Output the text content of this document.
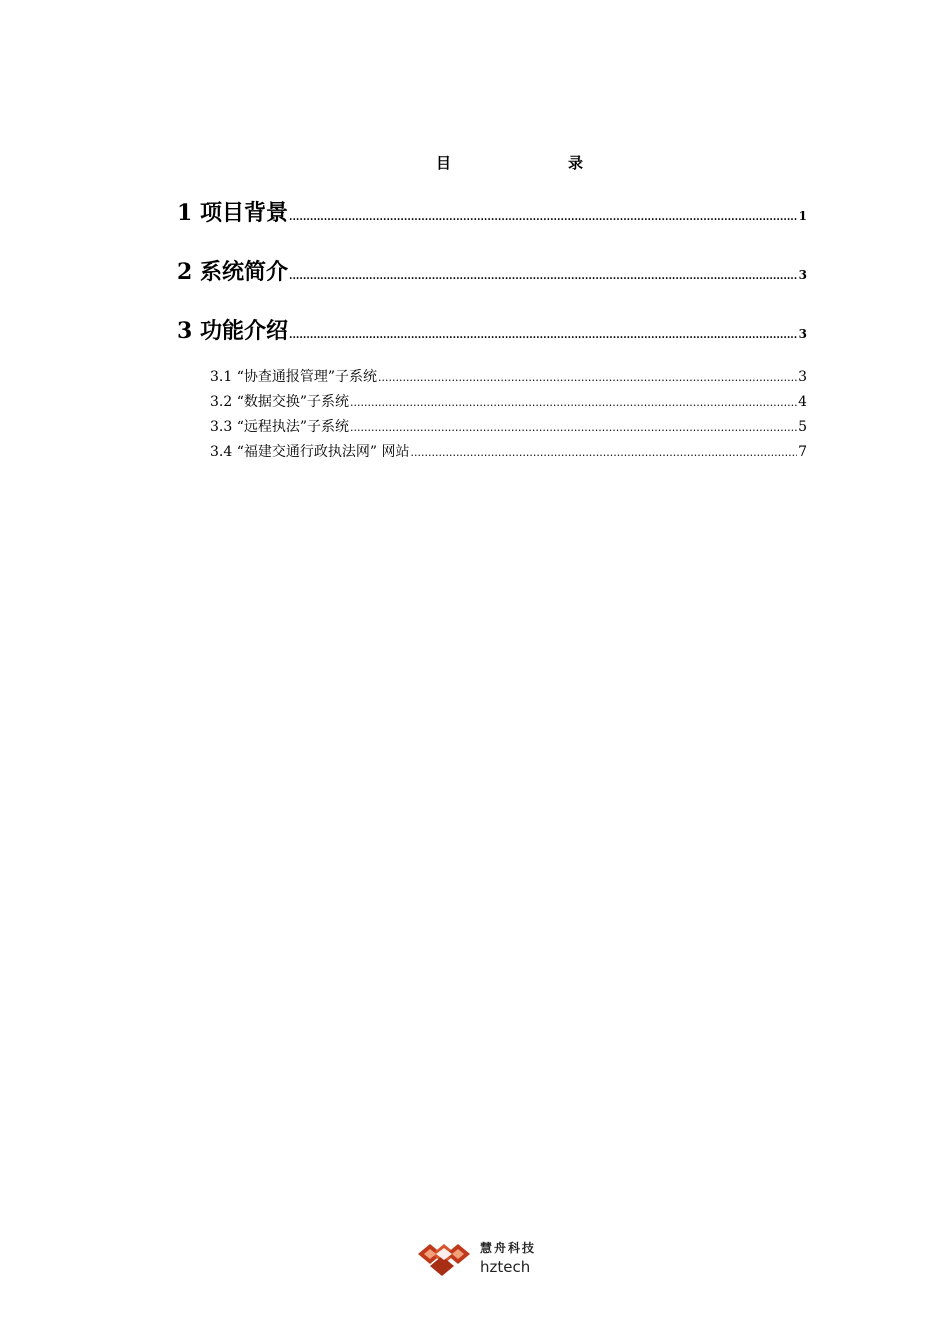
目	录
1 项目背景 .....	1
2 系统简介 .....	3
3 功能介绍 .....	3
3.1 “协查通报管理”子系统 .....	3
3.2 “数据交换”子系统 .....	4
3.3 “远程执法”子系统 .....	5
3.4 “福建交通行政执法网” 网站 .....	7
慧舟科技
hztech
